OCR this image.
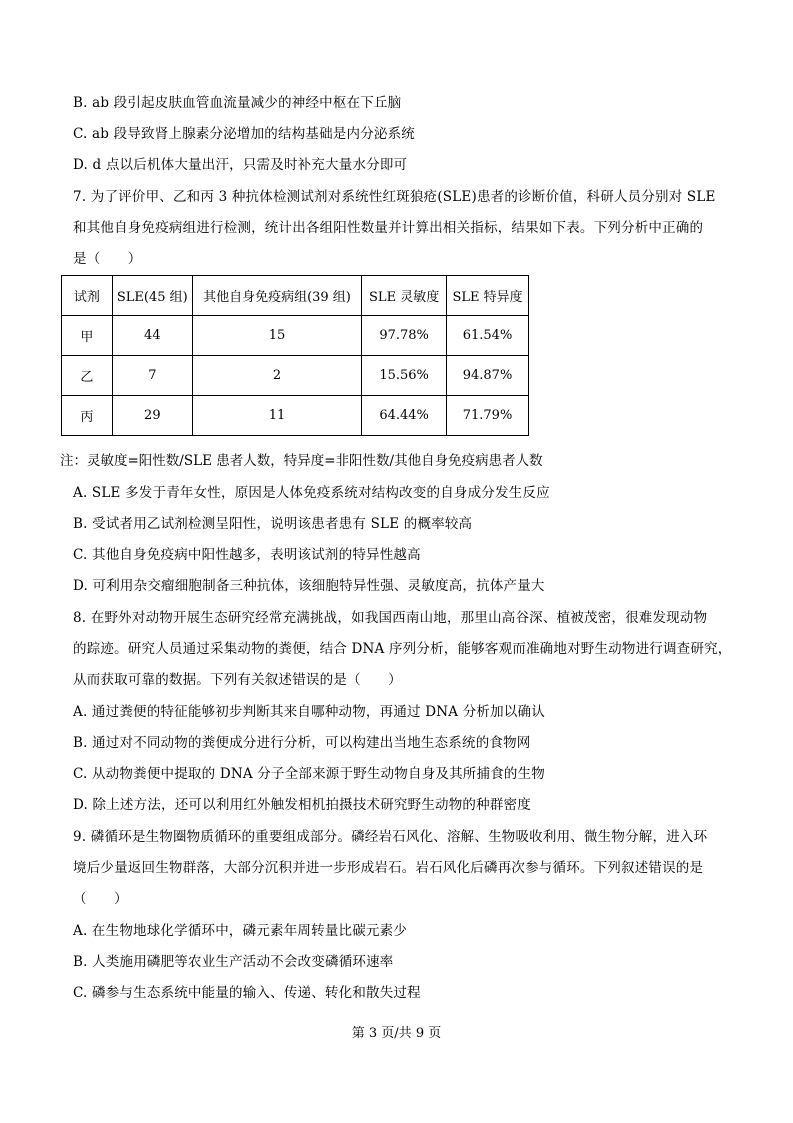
B. ab 段引起皮肤血管血流量减少的神经中枢在下丘脑
C. ab 段导致肾上腺素分泌增加的结构基础是内分泌系统
D. d 点以后机体大量出汗，只需及时补充大量水分即可
7. 为了评价甲、乙和丙 3 种抗体检测试剂对系统性红斑狼疮(SLE)患者的诊断价值，科研人员分别对 SLE
和其他自身免疫病组进行检测，统计出各组阳性数量并计算出相关指标，结果如下表。下列分析中正确的
是（　　）
试剂	SLE(45 组)	其他自身免疫病组(39 组)	SLE 灵敏度	SLE 特异度
甲	44	15	97.78%	61.54%
乙	7	2	15.56%	94.87%
丙	29	11	64.44%	71.79%
注：灵敏度=阳性数/SLE 患者人数，特异度=非阳性数/其他自身免疫病患者人数
A. SLE 多发于青年女性，原因是人体免疫系统对结构改变的自身成分发生反应
B. 受试者用乙试剂检测呈阳性，说明该患者患有 SLE 的概率较高
C. 其他自身免疫病中阳性越多，表明该试剂的特异性越高
D. 可利用杂交瘤细胞制备三种抗体，该细胞特异性强、灵敏度高，抗体产量大
8. 在野外对动物开展生态研究经常充满挑战，如我国西南山地，那里山高谷深、植被茂密，很难发现动物
的踪迹。研究人员通过采集动物的粪便，结合 DNA 序列分析，能够客观而准确地对野生动物进行调查研究，
从而获取可靠的数据。下列有关叙述错误的是（　　）
A. 通过粪便的特征能够初步判断其来自哪种动物，再通过 DNA 分析加以确认
B. 通过对不同动物的粪便成分进行分析，可以构建出当地生态系统的食物网
C. 从动物粪便中提取的 DNA 分子全部来源于野生动物自身及其所捕食的生物
D. 除上述方法，还可以利用红外触发相机拍摄技术研究野生动物的种群密度
9. 磷循环是生物圈物质循环的重要组成部分。磷经岩石风化、溶解、生物吸收利用、微生物分解，进入环
境后少量返回生物群落，大部分沉积并进一步形成岩石。岩石风化后磷再次参与循环。下列叙述错误的是
（　　）
A. 在生物地球化学循环中，磷元素年周转量比碳元素少
B. 人类施用磷肥等农业生产活动不会改变磷循环速率
C. 磷参与生态系统中能量的输入、传递、转化和散失过程
第 3 页/共 9 页
